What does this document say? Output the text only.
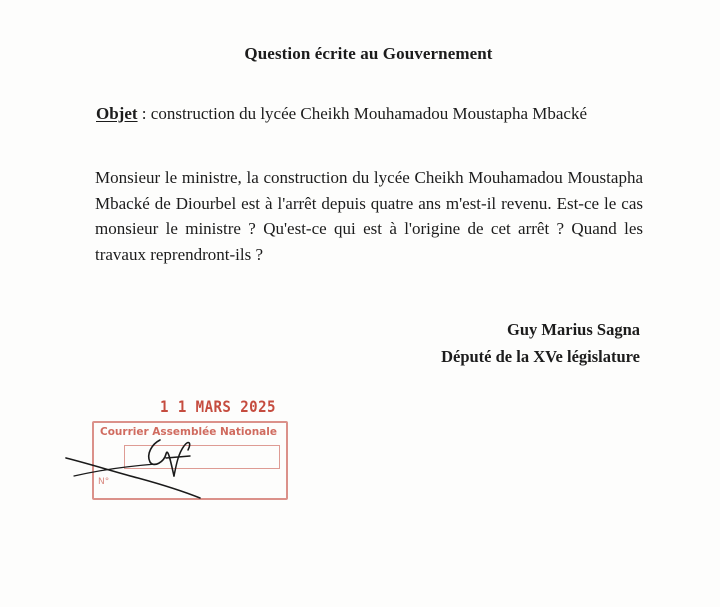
Question écrite au Gouvernement
Objet : construction du lycée Cheikh Mouhamadou Moustapha Mbacké
Monsieur le ministre, la construction du lycée Cheikh Mouhamadou Moustapha Mbacké de Diourbel est à l'arrêt depuis quatre ans m'est-il revenu. Est-ce le cas monsieur le ministre ? Qu'est-ce qui est à l'origine de cet arrêt ? Quand les travaux reprendront-ils ?
Guy Marius Sagna
Député de la XVe législature
1 1 MARS 2025
Courrier Assemblée Nationale
N°
